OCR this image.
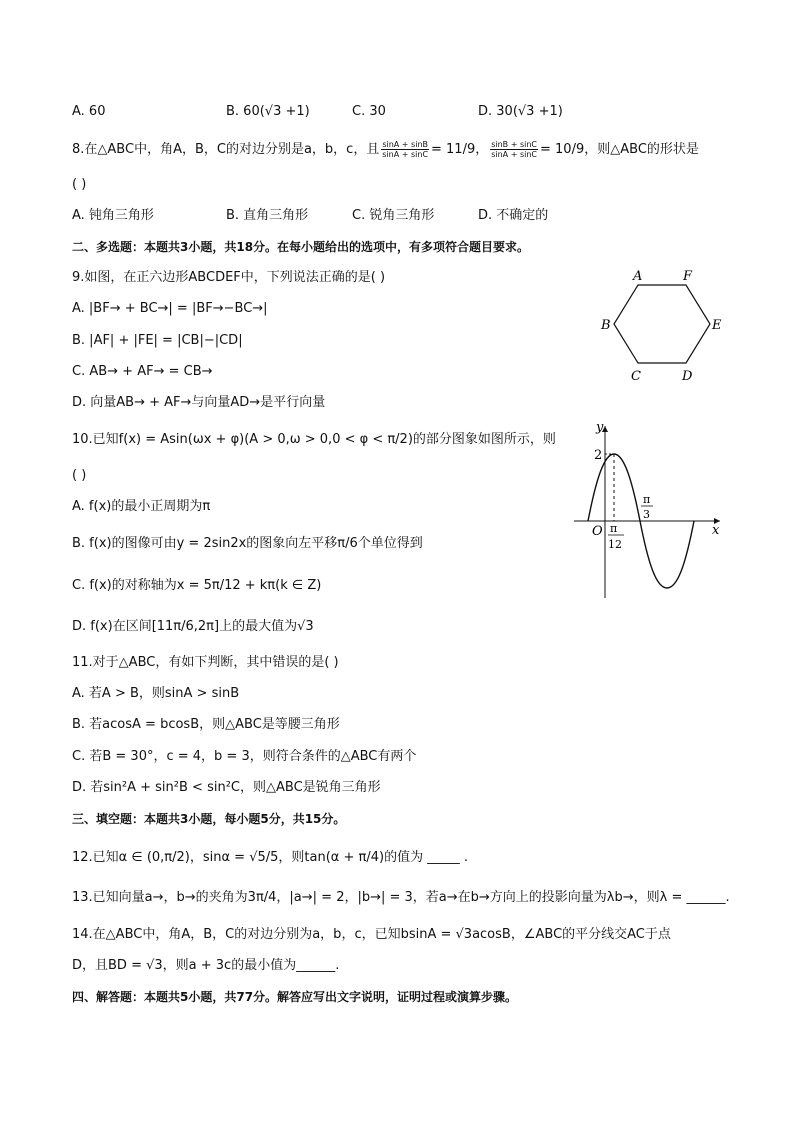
A. 60	B. 60(√3 +1)	C. 30	D. 30(√3 +1)
8.在△ABC中，角A，B，C的对边分别是a，b，c，且 $\frac{\sin A + \sin B}{\sin A + \sin C} = 11/9$， $\frac{\sin B + \sin C}{\sin A + \sin C} = 10/9$，则△ABC的形状是
( )
A. 钝角三角形	B. 直角三角形	C. 锐角三角形	D. 不确定的
二、多选题：本题共3小题，共18分。在每小题给出的选项中，有多项符合题目要求。
9.如图，在正六边形ABCDEF中，下列说法正确的是( )
A. |BF→ + BC→| = |BF→−BC→|
B. |AF| + |FE| = |CB|−|CD|
C. AB→ + AF→ = CB→
D. 向量AB→ + AF→与向量AD→是平行向量
A	F
B	E
C	D
10.已知f(x) = Asin(ωx + φ)(A > 0,ω > 0,0 < φ < π/2)的部分图象如图所示，则
( )
A. f(x)的最小正周期为π
B. f(x)的图像可由y = 2sin2x的图象向左平移π/6个单位得到
C. f(x)的对称轴为x = 5π/12 + kπ(k ∈ Z)
D. f(x)在区间[11π/6,2π]上的最大值为√3
y
x
O
2
π
12
π
3
11.对于△ABC，有如下判断，其中错误的是( )
A. 若A > B，则sinA > sinB
B. 若acosA = bcosB，则△ABC是等腰三角形
C. 若B = 30°，c = 4，b = 3，则符合条件的△ABC有两个
D. 若sin²A + sin²B < sin²C，则△ABC是锐角三角形
三、填空题：本题共3小题，每小题5分，共15分。
12.已知α ∈ (0,π/2)，sinα = √5/5，则tan(α + π/4)的值为 _____ .
13.已知向量a→，b→的夹角为3π/4，|a→| = 2，|b→| = 3，若a→在b→方向上的投影向量为λb→，则λ = ______.
14.在△ABC中，角A，B，C的对边分别为a，b，c，已知bsinA = √3acosB，∠ABC的平分线交AC于点
D，且BD = √3，则a + 3c的最小值为______.
四、解答题：本题共5小题，共77分。解答应写出文字说明，证明过程或演算步骤。
